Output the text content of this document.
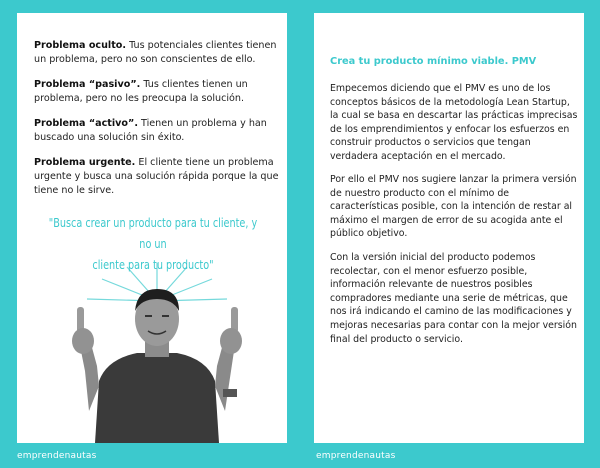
Problema oculto. Tus potenciales clientes tienen un problema, pero no son conscientes de ello.
Problema “pasivo”. Tus clientes tienen un problema, pero no les preocupa la solución.
Problema “activo”. Tienen un problema y han buscado una solución sin éxito.
Problema urgente. El cliente tiene un problema urgente y busca una solución rápida porque la que tiene no le sirve.
"Busca crear un producto para tu cliente, y no un
cliente para tu producto"
emprendenautas
Crea tu producto mínimo viable. PMV
Empecemos diciendo que el PMV es uno de los conceptos básicos de la metodología Lean Startup, la cual se basa en descartar las prácticas imprecisas de los emprendimientos y enfocar los esfuerzos en construir productos o servicios que tengan verdadera aceptación en el mercado.
Por ello el PMV nos sugiere lanzar la primera versión de nuestro producto con el mínimo de características posible, con la intención de restar al máximo el margen de error de su acogida ante el público objetivo.
Con la versión inicial del producto podemos recolectar, con el menor esfuerzo posible, información relevante de nuestros posibles compradores mediante una serie de métricas, que nos irá indicando el camino de las modificaciones y mejoras necesarias para contar con la mejor versión final del producto o servicio.
emprendenautas
